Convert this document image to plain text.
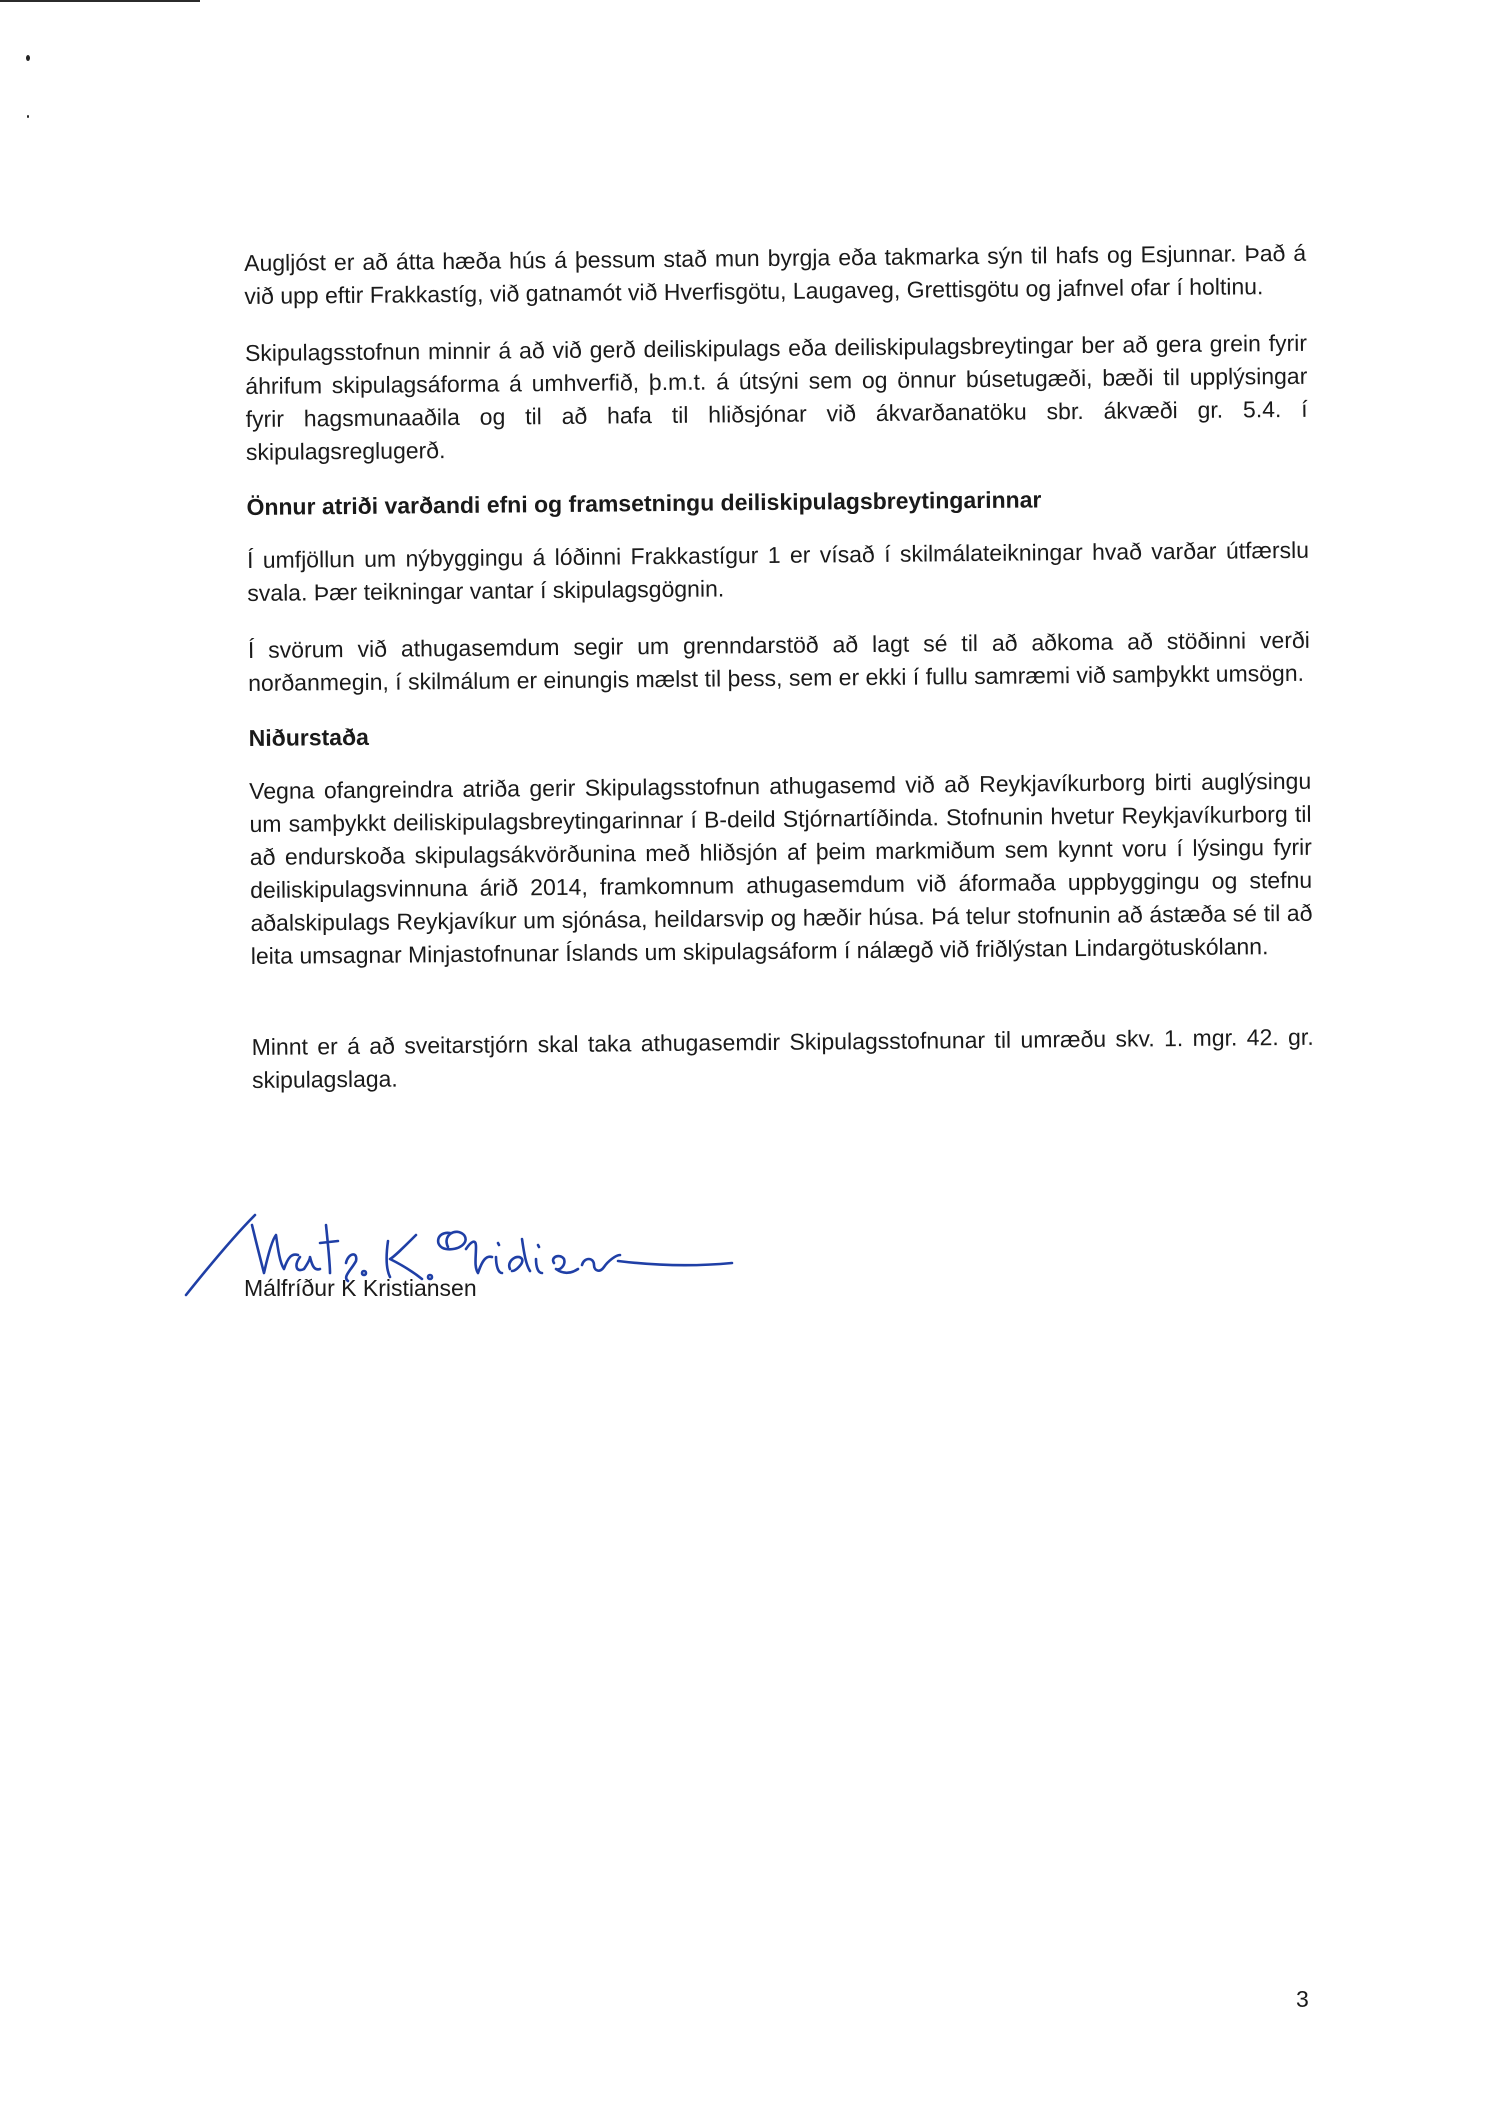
Augljóst er að átta hæða hús á þessum stað mun byrgja eða takmarka sýn til hafs og Esjunnar. Það á við upp eftir Frakkastíg, við gatnamót við Hverfisgötu, Laugaveg, Grettisgötu og jafnvel ofar í holtinu.

Skipulagsstofnun minnir á að við gerð deiliskipulags eða deiliskipulagsbreytingar ber að gera grein fyrir áhrifum skipulagsáforma á umhverfið, þ.m.t. á útsýni sem og önnur búsetugæði, bæði til upplýsingar fyrir hagsmunaaðila og til að hafa til hliðsjónar við ákvarðanatöku sbr. ákvæði gr. 5.4. í skipulagsreglugerð.

Önnur atriði varðandi efni og framsetningu deiliskipulagsbreytingarinnar

Í umfjöllun um nýbyggingu á lóðinni Frakkastígur 1 er vísað í skilmálateikningar hvað varðar útfærslu svala. Þær teikningar vantar í skipulagsgögnin.

Í svörum við athugasemdum segir um grenndarstöð að lagt sé til að aðkoma að stöðinni verði norðanmegin, í skilmálum er einungis mælst til þess, sem er ekki í fullu samræmi við samþykkt umsögn.

Niðurstaða

Vegna ofangreindra atriða gerir Skipulagsstofnun athugasemd við að Reykjavíkurborg birti auglýsingu um samþykkt deiliskipulagsbreytingarinnar í B-deild Stjórnartíðinda. Stofnunin hvetur Reykjavíkurborg til að endurskoða skipulagsákvörðunina með hliðsjón af þeim markmiðum sem kynnt voru í lýsingu fyrir deiliskipulagsvinnuna árið 2014, framkomnum athugasemdum við áformaða uppbyggingu og stefnu aðalskipulags Reykjavíkur um sjónása, heildarsvip og hæðir húsa. Þá telur stofnunin að ástæða sé til að leita umsagnar Minjastofnunar Íslands um skipulagsáform í nálægð við friðlýstan Lindargötuskólann.

Minnt er á að sveitarstjórn skal taka athugasemdir Skipulagsstofnunar til umræðu skv. 1. mgr. 42. gr. skipulagslaga.

Málfríður K Kristiansen
3
